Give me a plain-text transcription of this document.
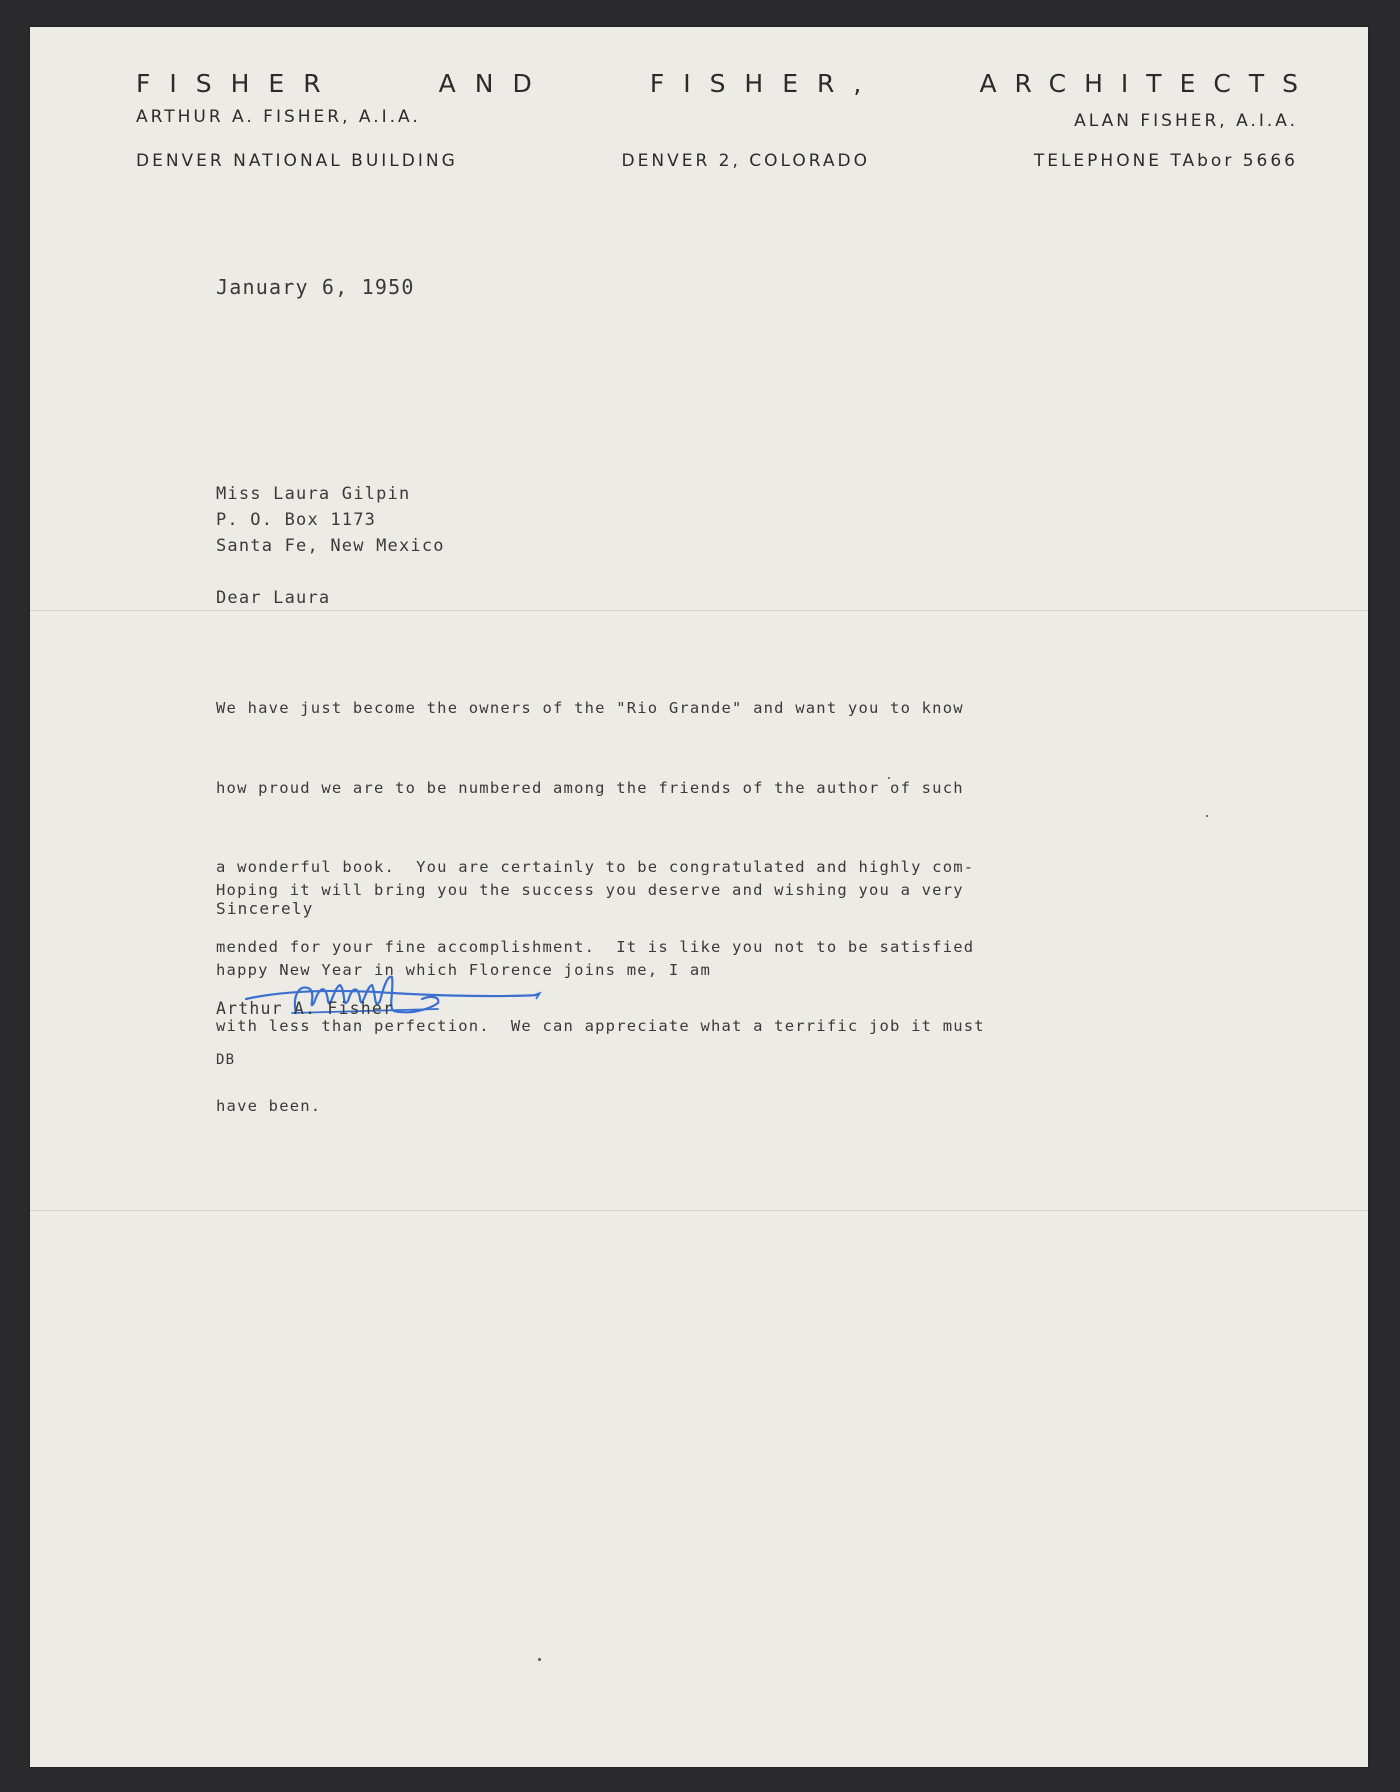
FISHER	AND	FISHER,	ARCHITECTS
ARTHUR A. FISHER, A.I.A.	ALAN FISHER, A.I.A.
DENVER NATIONAL BUILDING	DENVER 2, COLORADO	TELEPHONE TAbor 5666
January 6, 1950
Miss Laura Gilpin
P. O. Box 1173
Santa Fe, New Mexico
Dear Laura

We have just become the owners of the "Rio Grande" and want you to know

how proud we are to be numbered among the friends of the author of such

a wonderful book.  You are certainly to be congratulated and highly com-

mended for your fine accomplishment.  It is like you not to be satisfied

with less than perfection.  We can appreciate what a terrific job it must

have been.

Hoping it will bring you the success you deserve and wishing you a very

happy New Year in which Florence joins me, I am

Sincerely
Arthur A. Fisher
DB
